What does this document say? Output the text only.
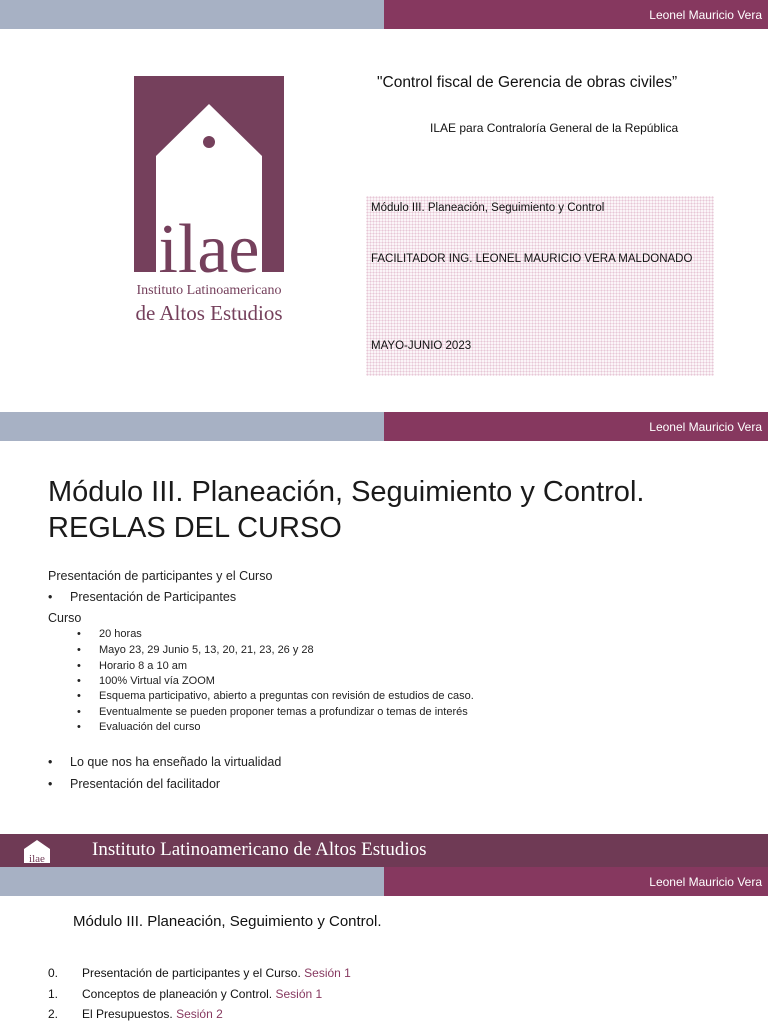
Leonel Mauricio Vera
ilae
Instituto Latinoamericano
de Altos Estudios
"Control fiscal de Gerencia de obras civiles”
ILAE para Contraloría General de la República
Módulo III. Planeación, Seguimiento y Control
FACILITADOR ING. LEONEL MAURICIO VERA MALDONADO
MAYO-JUNIO 2023
Leonel Mauricio Vera
Módulo III. Planeación, Seguimiento y Control.
REGLAS DEL CURSO
Presentación de participantes y el Curso
• Presentación de Participantes
Curso
• 20 horas
• Mayo 23, 29 Junio 5, 13, 20, 21, 23, 26 y 28
• Horario 8 a 10 am
• 100% Virtual vía ZOOM
• Esquema participativo, abierto a preguntas con revisión de estudios de caso.
• Eventualmente se pueden proponer temas a profundizar o temas de interés
• Evaluación del curso
• Lo que nos ha enseñado la virtualidad
• Presentación del facilitador
ilae Instituto Latinoamericano de Altos Estudios
Leonel Mauricio Vera
Módulo III. Planeación, Seguimiento y Control.
0. Presentación de participantes y el Curso. Sesión 1
1. Conceptos de planeación y Control. Sesión 1
2. El Presupuestos. Sesión 2
